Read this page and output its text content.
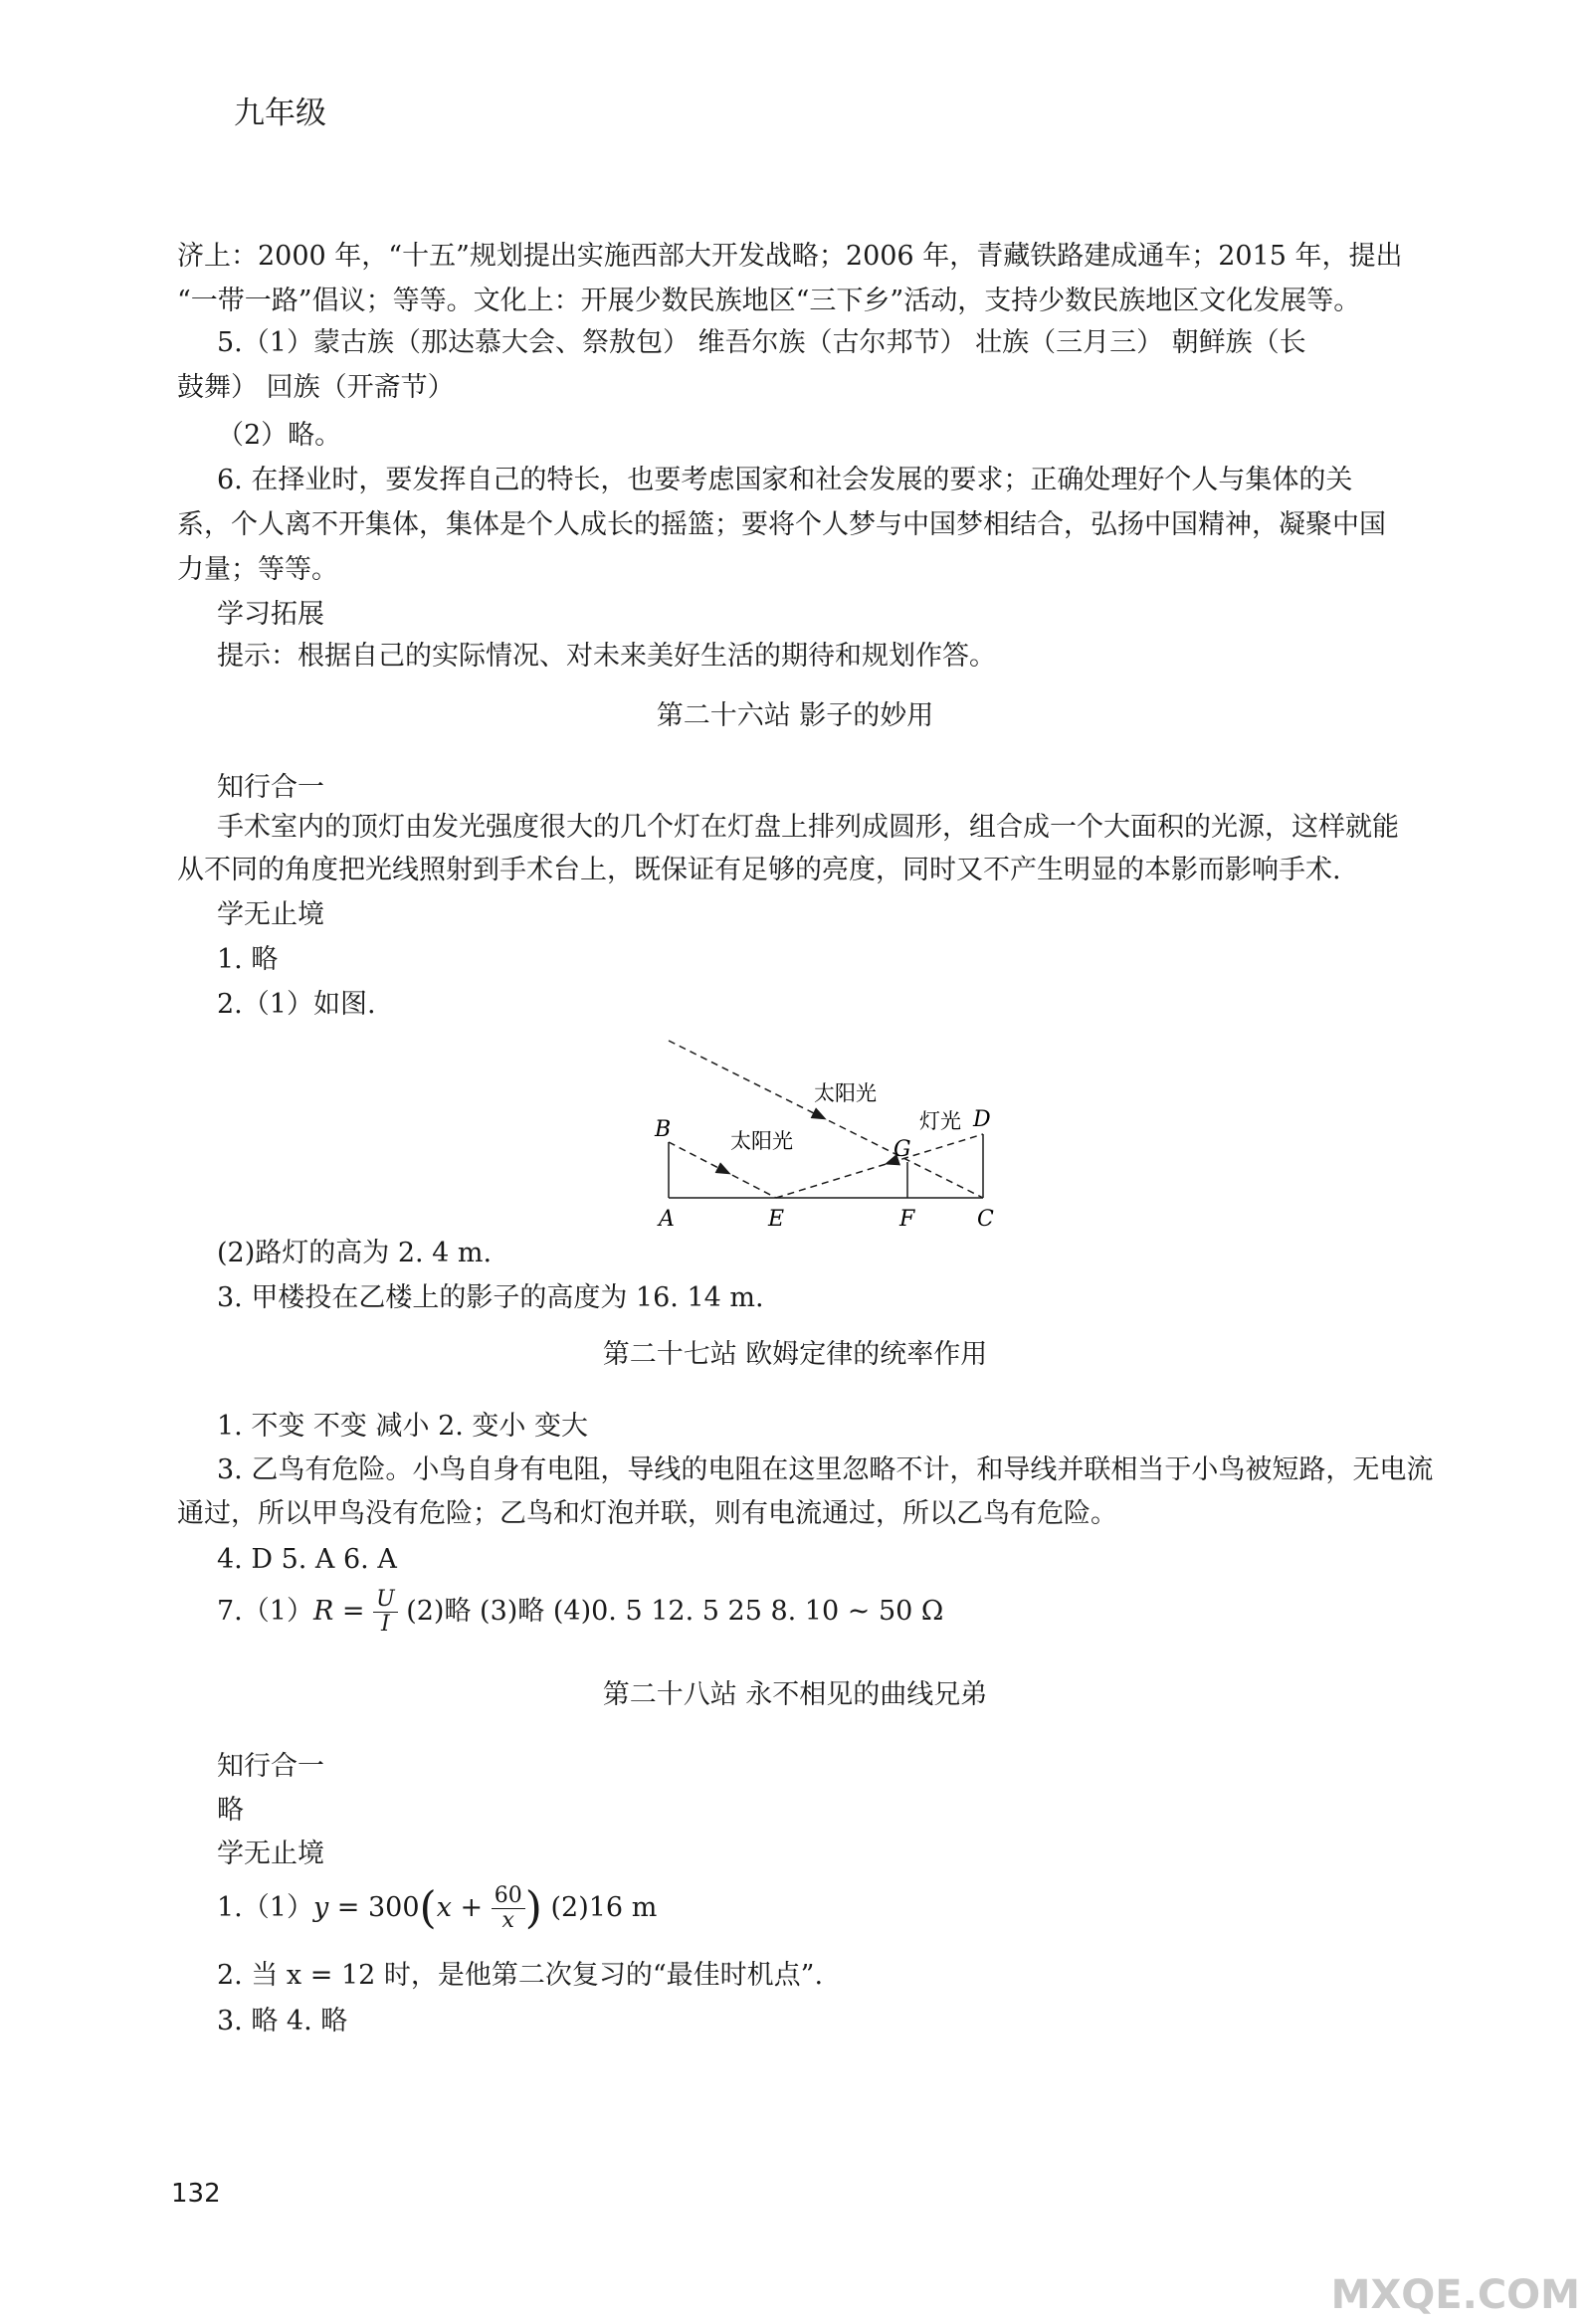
九年级
济上：2000 年，“十五”规划提出实施西部大开发战略；2006 年，青藏铁路建成通车；2015 年，提出
“一带一路”倡议；等等。文化上：开展少数民族地区“三下乡”活动，支持少数民族地区文化发展等。
5.（1）蒙古族（那达慕大会、祭敖包） 维吾尔族（古尔邦节） 壮族（三月三） 朝鲜族（长
鼓舞） 回族（开斋节）
（2）略。
6. 在择业时，要发挥自己的特长，也要考虑国家和社会发展的要求；正确处理好个人与集体的关
系，个人离不开集体，集体是个人成长的摇篮；要将个人梦与中国梦相结合，弘扬中国精神，凝聚中国
力量；等等。
学习拓展
提示：根据自己的实际情况、对未来美好生活的期待和规划作答。
第二十六站 影子的妙用
知行合一
手术室内的顶灯由发光强度很大的几个灯在灯盘上排列成圆形，组合成一个大面积的光源，这样就能
从不同的角度把光线照射到手术台上，既保证有足够的亮度，同时又不产生明显的本影而影响手术.
学无止境
1. 略
2.（1）如图.
太阳光
太阳光
灯光
B	D
G
A	E	F	C
(2)路灯的高为 2. 4 m.
3. 甲楼投在乙楼上的影子的高度为 16. 14 m.
第二十七站 欧姆定律的统率作用
1. 不变 不变 减小 2. 变小 变大
3. 乙鸟有危险。小鸟自身有电阻，导线的电阻在这里忽略不计，和导线并联相当于小鸟被短路，无电流
通过，所以甲鸟没有危险；乙鸟和灯泡并联，则有电流通过，所以乙鸟有危险。
4. D 5. A 6. A
$7.(1)R = \frac{U}{I} (2)$略 (3)略 (4)0. 5 12. 5 25 8. 10 ~ 50 Ω
第二十八站 永不相见的曲线兄弟
知行合一
略
学无止境
$1.(1)y = 300(x + \frac{60}{x}$ ) (2)16 m
2. 当 x = 12 时，是他第二次复习的“最佳时机点”.
3. 略 4. 略
132
MXQE.COM
